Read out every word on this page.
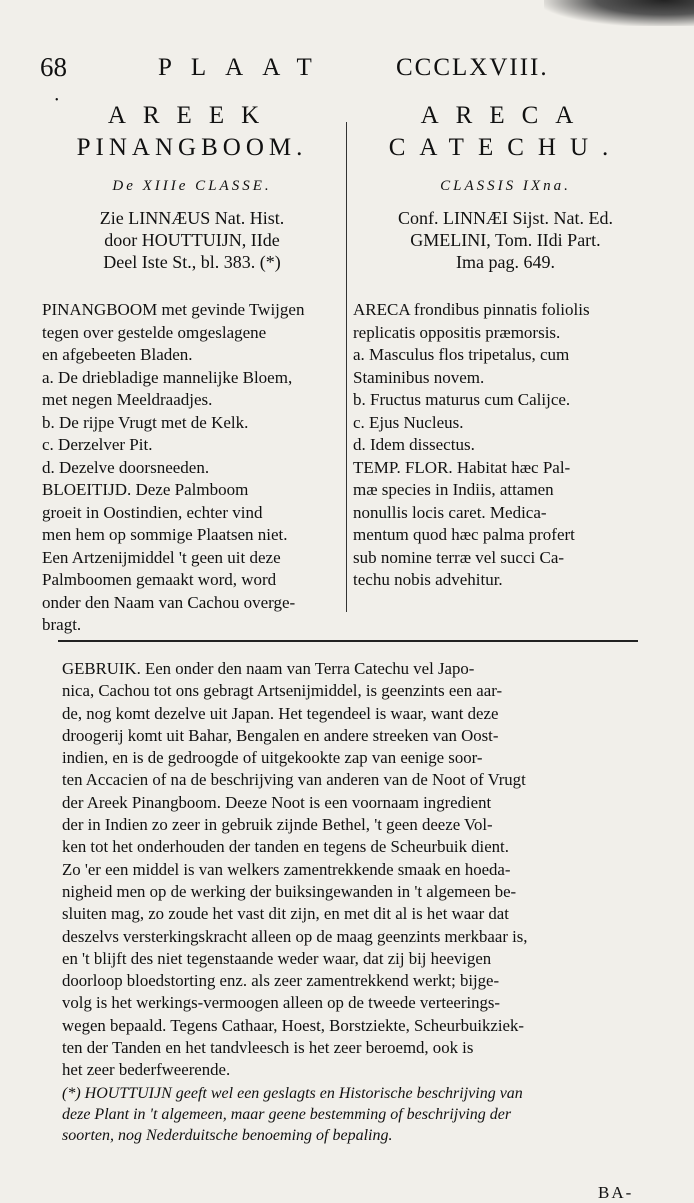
68	PLAAT	CCCLXVIII.
•
AREEK
PINANGBOOM.
De XIIIe CLASSE.
Zie LINNÆUS Nat. Hist.
door HOUTTUIJN, IIde
Deel Iste St., bl. 383. (*)
PINANGBOOM met gevinde Twijgen
tegen over gestelde omgeslagene
en afgebeeten Bladen.
a. De driebladige mannelijke Bloem,
met negen Meeldraadjes.
b. De rijpe Vrugt met de Kelk.
c. Derzelver Pit.
d. Dezelve doorsneeden.
BLOEITIJD. Deze Palmboom
groeit in Oostindien, echter vind
men hem op sommige Plaatsen niet.
Een Artzenijmiddel 't geen uit deze
Palmboomen gemaakt word, word
onder den Naam van Cachou overge-
bragt.
ARECA
CATECHU.
CLASSIS IXna.
Conf. LINNÆI Sijst. Nat. Ed.
GMELINI, Tom. IIdi Part.
Ima pag. 649.
ARECA frondibus pinnatis foliolis
replicatis oppositis præmorsis.
a. Masculus flos tripetalus, cum
Staminibus novem.
b. Fructus maturus cum Calijce.
c. Ejus Nucleus.
d. Idem dissectus.
TEMP. FLOR. Habitat hæc Pal-
mæ species in Indiis, attamen
nonullis locis caret. Medica-
mentum quod hæc palma profert
sub nomine terræ vel succi Ca-
techu nobis advehitur.
GEBRUIK. Een onder den naam van Terra Catechu vel Japo-
nica, Cachou tot ons gebragt Artsenijmiddel, is geenzints een aar-
de, nog komt dezelve uit Japan. Het tegendeel is waar, want deze
droogerij komt uit Bahar, Bengalen en andere streeken van Oost-
indien, en is de gedroogde of uitgekookte zap van eenige soor-
ten Accacien of na de beschrijving van anderen van de Noot of Vrugt
der Areek Pinangboom. Deeze Noot is een voornaam ingredient
der in Indien zo zeer in gebruik zijnde Bethel, 't geen deeze Vol-
ken tot het onderhouden der tanden en tegens de Scheurbuik dient.
Zo 'er een middel is van welkers zamentrekkende smaak en hoeda-
nigheid men op de werking der buiksingewanden in 't algemeen be-
sluiten mag, zo zoude het vast dit zijn, en met dit al is het waar dat
deszelvs versterkingskracht alleen op de maag geenzints merkbaar is,
en 't blijft des niet tegenstaande weder waar, dat zij bij heevigen
doorloop bloedstorting enz. als zeer zamentrekkend werkt; bijge-
volg is het werkings-vermoogen alleen op de tweede verteerings-
wegen bepaald. Tegens Cathaar, Hoest, Borstziekte, Scheurbuikziek-
ten der Tanden en het tandvleesch is het zeer beroemd, ook is
het zeer bederfweerende.
(*) HOUTTUIJN geeft wel een geslagts en Historische beschrijving van
deze Plant in 't algemeen, maar geene bestemming of beschrijving der
soorten, nog Nederduitsche benoeming of bepaling.
BA-
